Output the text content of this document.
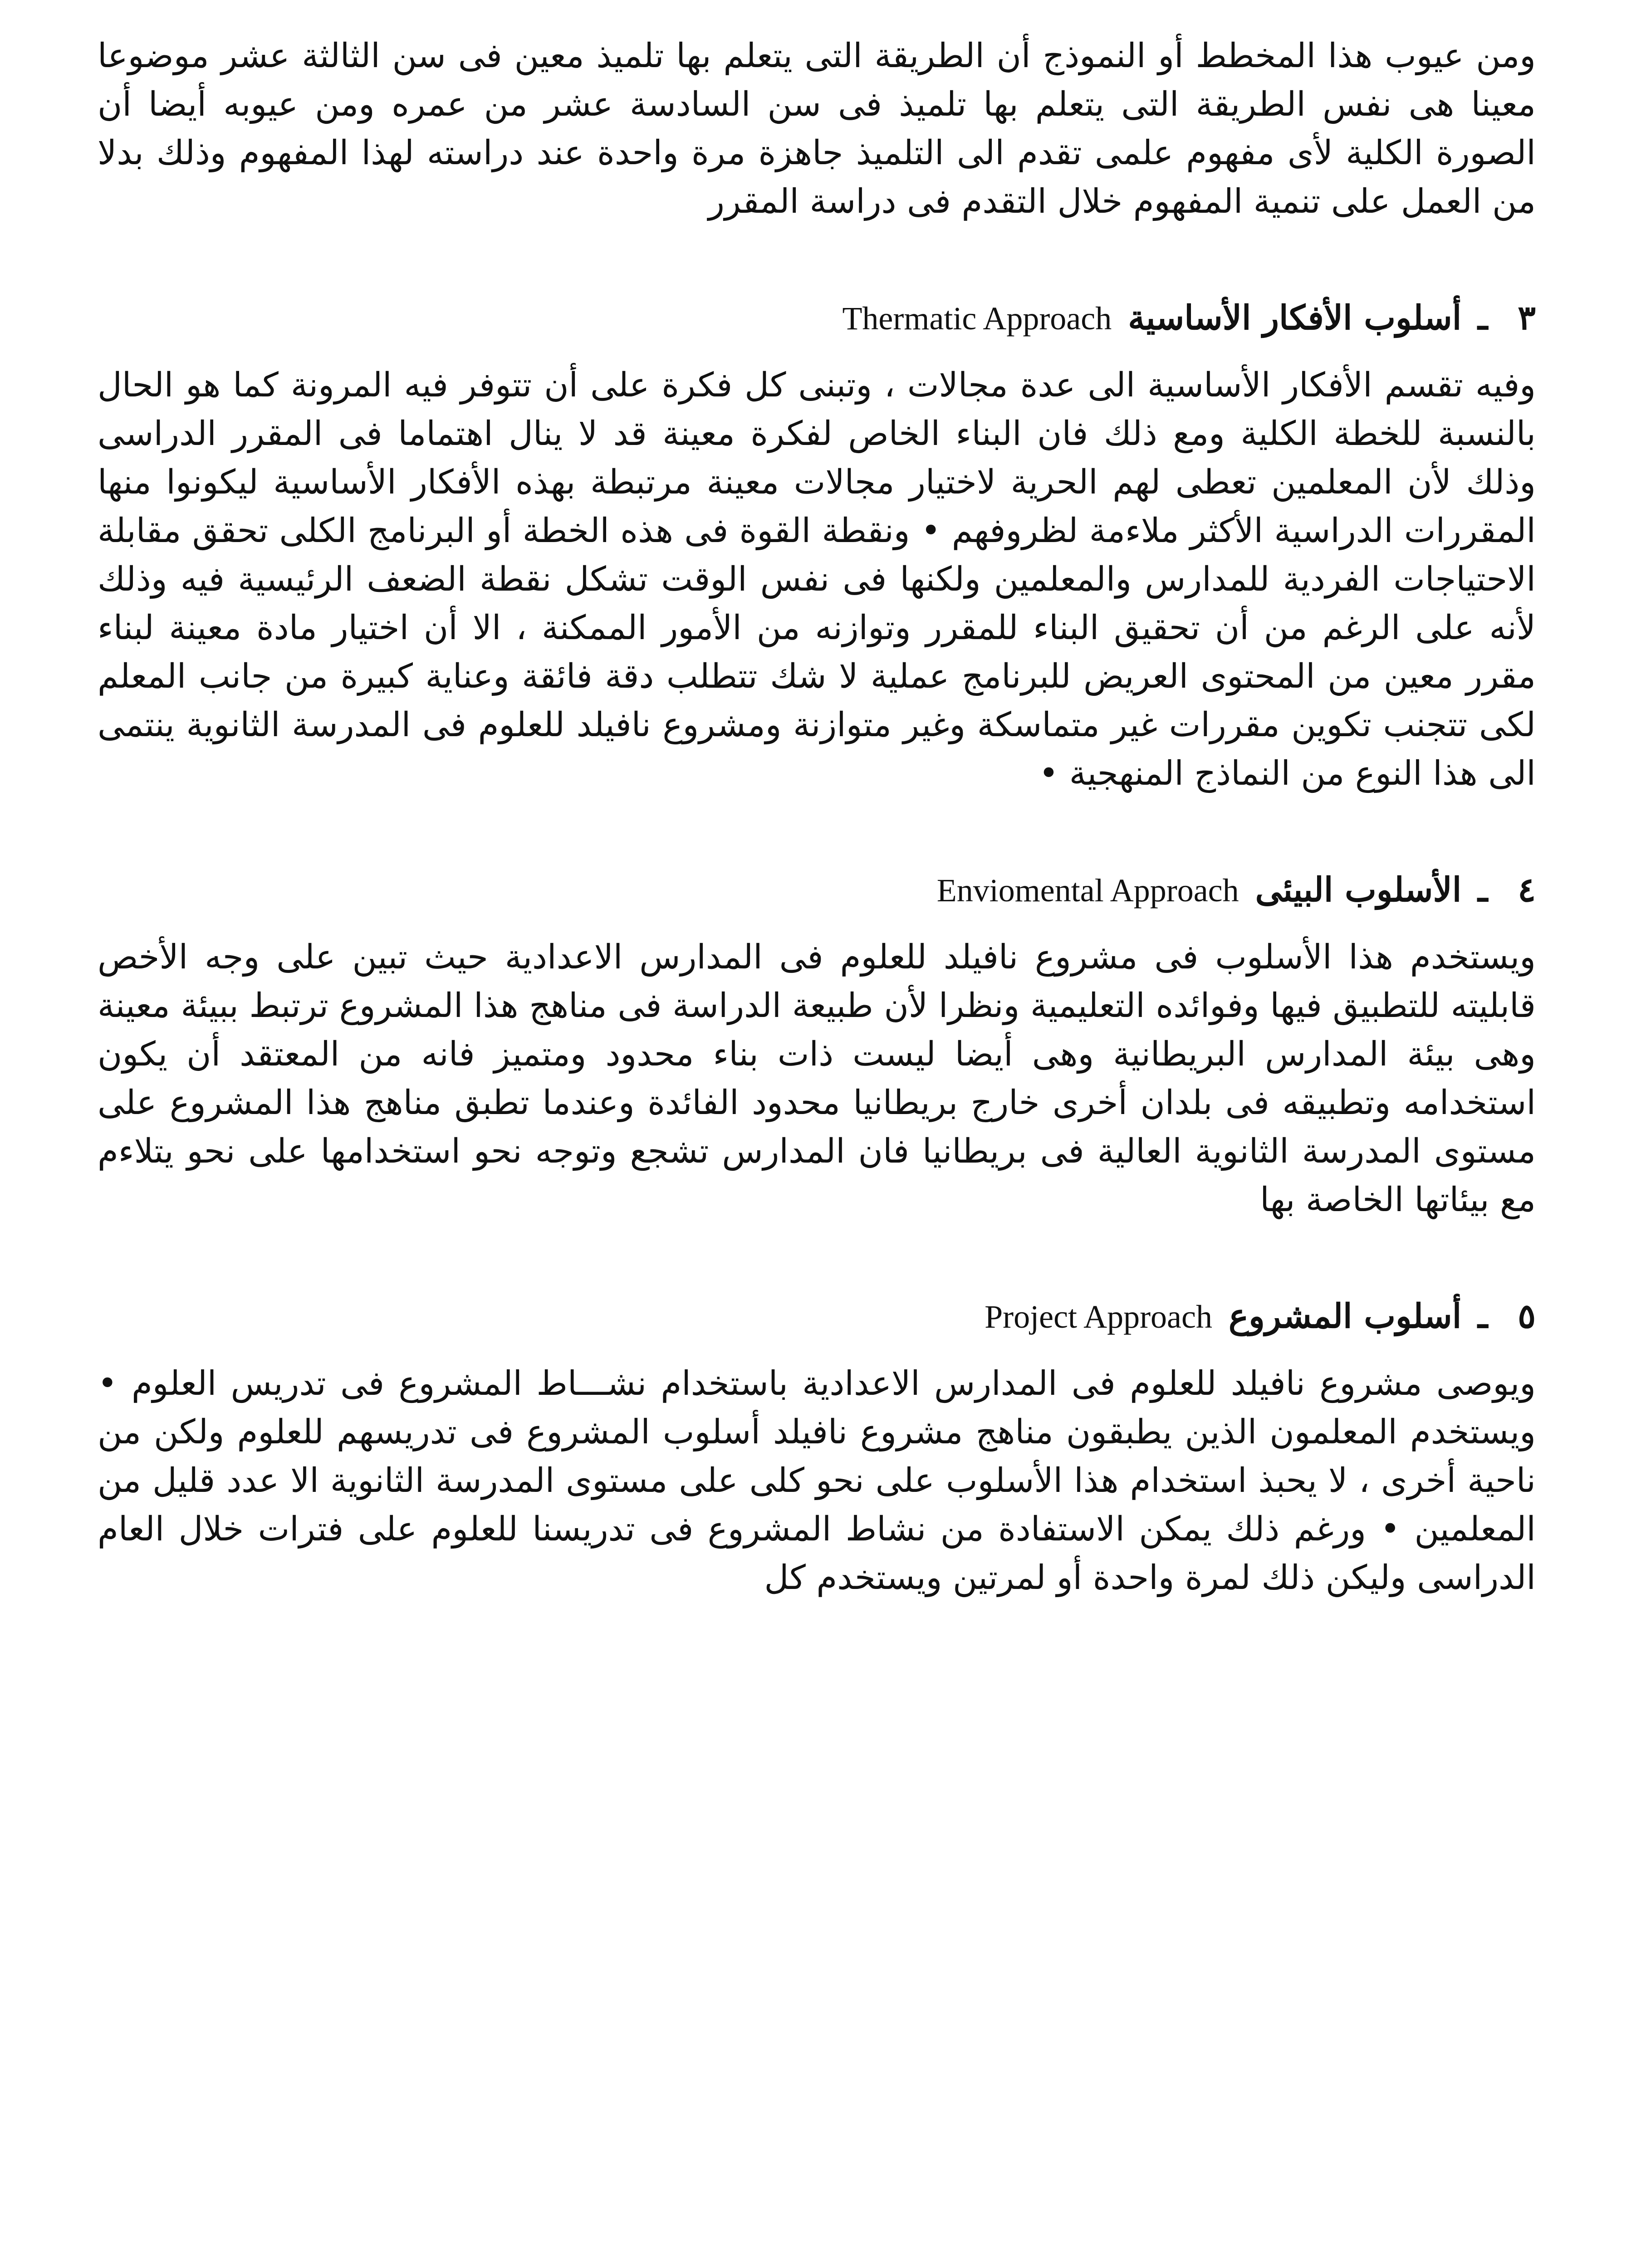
ومن عيوب هذا المخطط أو النموذج أن الطريقة التى يتعلم بها تلميذ معين فى سن الثالثة عشر موضوعا معينا هى نفس الطريقة التى يتعلم بها تلميذ فى سن السادسة عشر من عمره ومن عيوبه أيضا أن الصورة الكلية لأى مفهوم علمى تقدم الى التلميذ جاهزة مرة واحدة عند دراسته لهذا المفهوم وذلك بدلا من العمل على تنمية المفهوم خلال التقدم فى دراسة المقرر

٣
ـ
أسلوب الأفكار الأساسية
Thermatic Approach

وفيه تقسم الأفكار الأساسية الى عدة مجالات ، وتبنى كل فكرة على أن تتوفر فيه المرونة كما هو الحال بالنسبة للخطة الكلية ومع ذلك فان البناء الخاص لفكرة معينة قد لا ينال اهتماما فى المقرر الدراسى وذلك لأن المعلمين تعطى لهم الحرية لاختيار مجالات معينة مرتبطة بهذه الأفكار الأساسية ليكونوا منها المقررات الدراسية الأكثر ملاءمة لظروفهم • ونقطة القوة فى هذه الخطة أو البرنامج الكلى تحقق مقابلة الاحتياجات الفردية للمدارس والمعلمين ولكنها فى نفس الوقت تشكل نقطة الضعف الرئيسية فيه وذلك لأنه على الرغم من أن تحقيق البناء للمقرر وتوازنه من الأمور الممكنة ، الا أن اختيار مادة معينة لبناء مقرر معين من المحتوى العريض للبرنامج عملية لا شك تتطلب دقة فائقة وعناية كبيرة من جانب المعلم لكى تتجنب تكوين مقررات غير متماسكة وغير متوازنة ومشروع نافيلد للعلوم فى المدرسة الثانوية ينتمى الى هذا النوع من النماذج المنهجية •

٤
ـ
الأسلوب البيئى
Enviomental Approach

ويستخدم هذا الأسلوب فى مشروع نافيلد للعلوم فى المدارس الاعدادية حيث تبين على وجه الأخص قابليته للتطبيق فيها وفوائده التعليمية ونظرا لأن طبيعة الدراسة فى مناهج هذا المشروع ترتبط ببيئة معينة وهى بيئة المدارس البريطانية وهى أيضا ليست ذات بناء محدود ومتميز فانه من المعتقد أن يكون استخدامه وتطبيقه فى بلدان أخرى خارج بريطانيا محدود الفائدة وعندما تطبق مناهج هذا المشروع على مستوى المدرسة الثانوية العالية فى بريطانيا فان المدارس تشجع وتوجه نحو استخدامها على نحو يتلاءم مع بيئاتها الخاصة بها

٥
ـ
أسلوب المشروع
Project Approach

ويوصى مشروع نافيلد للعلوم فى المدارس الاعدادية باستخدام نشـــاط المشروع فى تدريس العلوم • ويستخدم المعلمون الذين يطبقون مناهج مشروع نافيلد أسلوب المشروع فى تدريسهم للعلوم ولكن من ناحية أخرى ، لا يحبذ استخدام هذا الأسلوب على نحو كلى على مستوى المدرسة الثانوية الا عدد قليل من المعلمين • ورغم ذلك يمكن الاستفادة من نشاط المشروع فى تدريسنا للعلوم على فترات خلال العام الدراسى وليكن ذلك لمرة واحدة أو لمرتين ويستخدم كل
